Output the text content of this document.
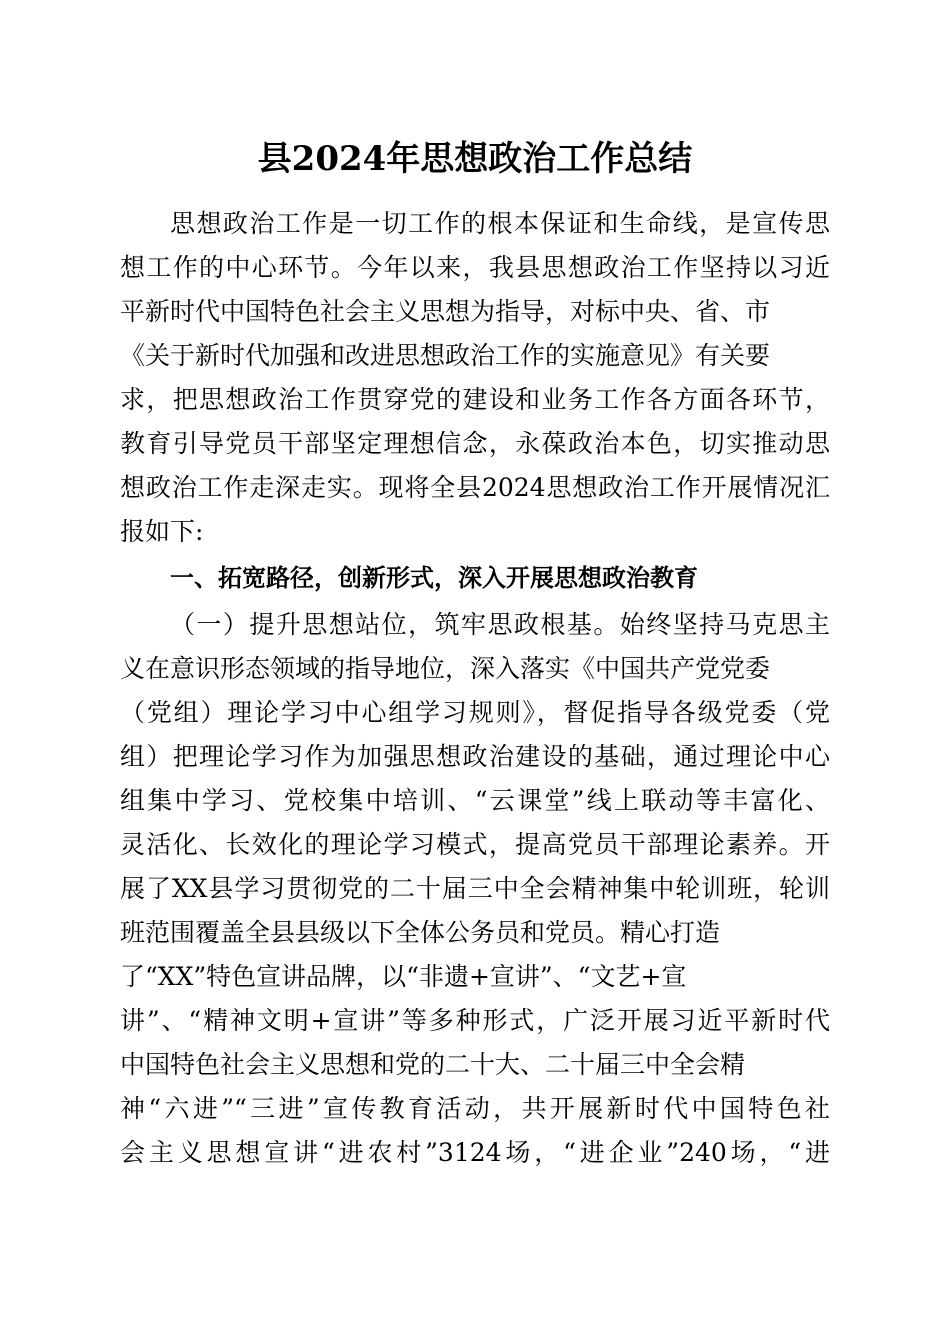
县2024年思想政治工作总结
思想政治工作是一切工作的根本保证和生命线，是宣传思
想工作的中心环节。今年以来，我县思想政治工作坚持以习近
平新时代中国特色社会主义思想为指导，对标中央、省、市
《关于新时代加强和改进思想政治工作的实施意见》有关要
求，把思想政治工作贯穿党的建设和业务工作各方面各环节，
教育引导党员干部坚定理想信念，永葆政治本色，切实推动思
想政治工作走深走实。现将全县2024思想政治工作开展情况汇
报如下:
一、拓宽路径，创新形式，深入开展思想政治教育
（一）提升思想站位，筑牢思政根基。始终坚持马克思主
义在意识形态领域的指导地位，深入落实《中国共产党党委
（党组）理论学习中心组学习规则》，督促指导各级党委（党
组）把理论学习作为加强思想政治建设的基础，通过理论中心
组集中学习、党校集中培训、“云课堂”线上联动等丰富化、
灵活化、长效化的理论学习模式，提高党员干部理论素养。开
展了XX县学习贯彻党的二十届三中全会精神集中轮训班，轮训
班范围覆盖全县县级以下全体公务员和党员。精心打造
了“XX”特色宣讲品牌，以“非遗+宣讲”、“文艺+宣
讲”、“精神文明+宣讲”等多种形式，广泛开展习近平新时代
中国特色社会主义思想和党的二十大、二十届三中全会精
神“六进”“三进”宣传教育活动，共开展新时代中国特色社
会主义思想宣讲“进农村”3124场，“进企业”240场，“进
